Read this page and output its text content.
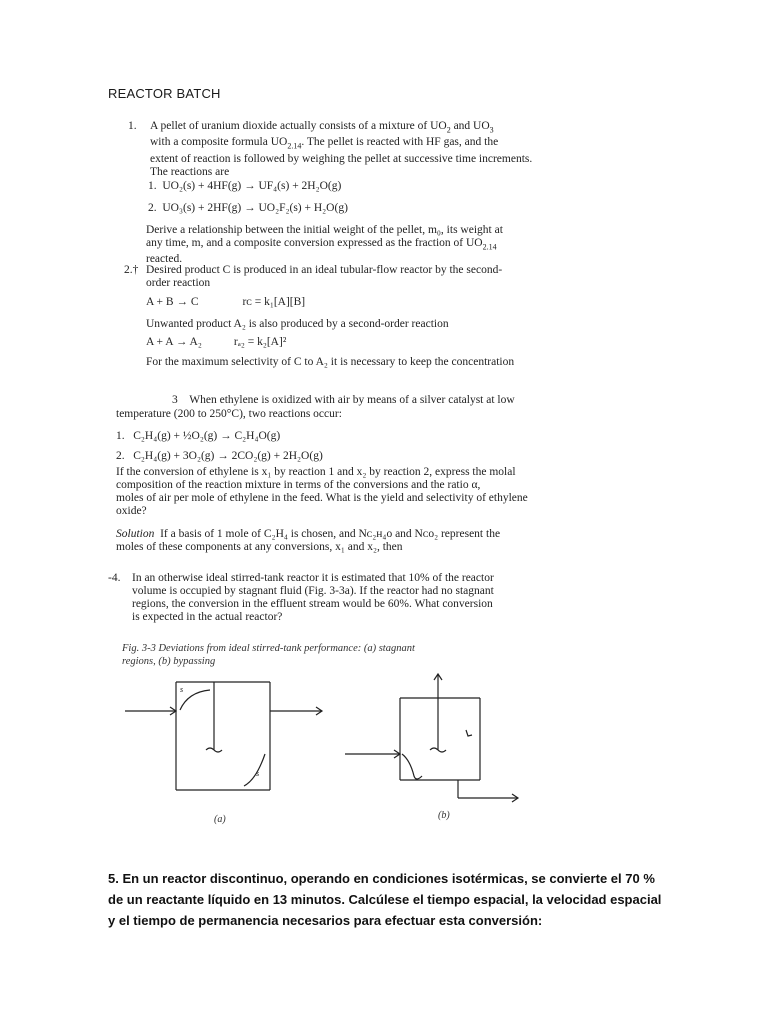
REACTOR BATCH
1. A pellet of uranium dioxide actually consists of a mixture of $UO_2$ and $UO_3$
with a composite formula $UO_{2.14}$. The pellet is reacted with HF gas, and the
extent of reaction is followed by weighing the pellet at successive time increments.
The reactions are
1. UO₂(s) + 4HF(g) → UF₄(s) + 2H₂O(g)
2. UO₃(s) + 2HF(g) → UO₂F₂(s) + H₂O(g)
Derive a relationship between the initial weight of the pellet, m₀, its weight at
any time, m, and a composite conversion expressed as the fraction of $UO_{2.14}$
reacted.
2.† Desired product C is produced in an ideal tubular-flow reactor by the second-
order reaction
A + B → C	rᴄ = k₁[A][B]
Unwanted product A₂ is also produced by a second-order reaction
A + A → A₂	rₐ₂ = k₂[A]²
For the maximum selectivity of C to A₂ it is necessary to keep the concentration
3 When ethylene is oxidized with air by means of a silver catalyst at low
temperature (200 to 250°C), two reactions occur:
1. C₂H₄(g) + ½O₂(g) → C₂H₄O(g)
2. C₂H₄(g) + 3O₂(g) → 2CO₂(g) + 2H₂O(g)
If the conversion of ethylene is x₁ by reaction 1 and x₂ by reaction 2, express the molal
composition of the reaction mixture in terms of the conversions and the ratio α,
moles of air per mole of ethylene in the feed. What is the yield and selectivity of ethylene
oxide?
Solution If a basis of 1 mole of C₂H₄ is chosen, and Nᴄ₂ʜ₄ᴏ and Nᴄᴏ₂ represent the
moles of these components at any conversions, x₁ and x₂, then
-4. In an otherwise ideal stirred-tank reactor it is estimated that 10% of the reactor
volume is occupied by stagnant fluid (Fig. 3-3a). If the reactor had no stagnant
regions, the conversion in the effluent stream would be 60%. What conversion
is expected in the actual reactor?
Fig. 3-3 Deviations from ideal stirred-tank performance: (a) stagnant
regions, (b) bypassing
s
s
(a)	(b)
5. En un reactor discontinuo, operando en condiciones isotérmicas, se convierte el 70 % de un reactante líquido en 13 minutos. Calcúlese el tiempo espacial, la velocidad espacial y el tiempo de permanencia necesarios para efectuar esta conversión:
